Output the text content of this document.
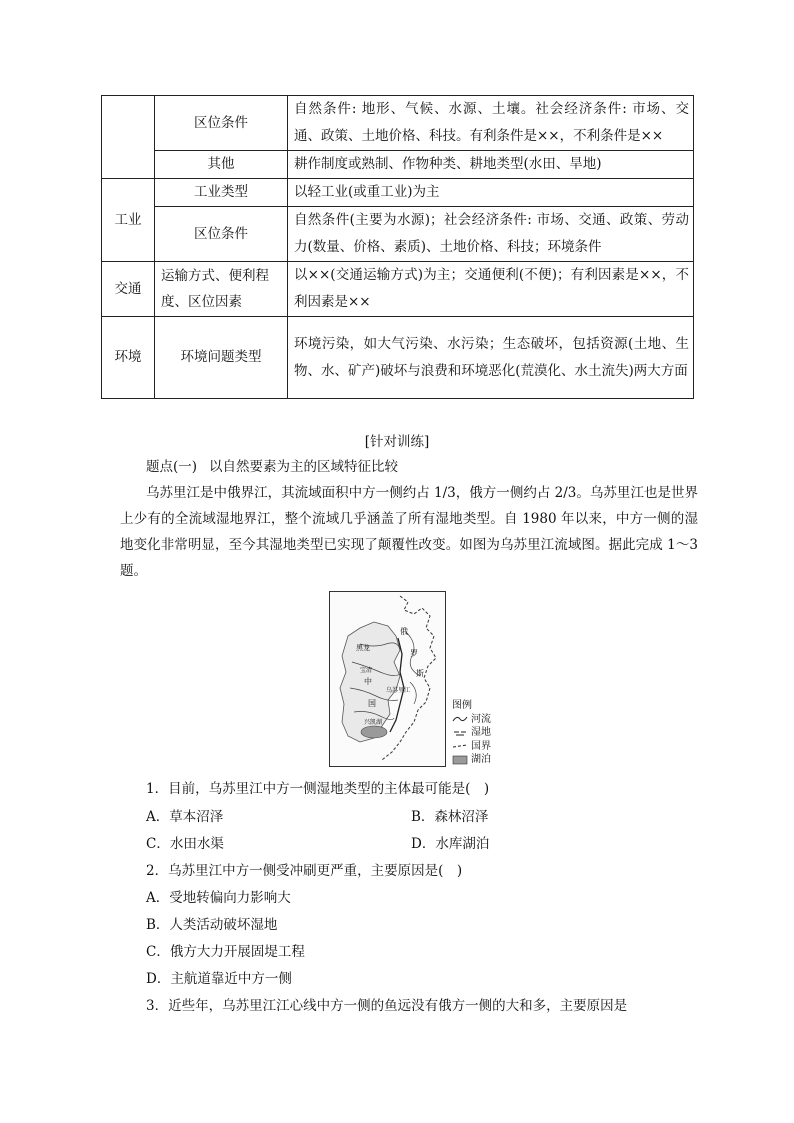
	区位条件	自然条件: 地形、气候、水源、土壤。社会经济条件: 市场、交通、政策、土地价格、科技。有利条件是××，不利条件是××
	其他	耕作制度或熟制、作物种类、耕地类型(水田、旱地)
工业	工业类型	以轻工业(或重工业)为主
	区位条件	自然条件(主要为水源)；社会经济条件: 市场、交通、政策、劳动力(数量、价格、素质)、土地价格、科技；环境条件
交通	运输方式、便利程度、区位因素	以××(交通运输方式)为主；交通便利(不便)；有利因素是××，不利因素是××
环境	环境问题类型	环境污染，如大气污染、水污染；生态破坏，包括资源(土地、生物、水、矿产)破坏与浪费和环境恶化(荒漠化、水土流失)两大方面
[针对训练]
题点(一) 以自然要素为主的区域特征比较
乌苏里江是中俄界江，其流域面积中方一侧约占 1/3，俄方一侧约占 2/3。乌苏里江也是世界上少有的全流域湿地界江，整个流域几乎涵盖了所有湿地类型。自 1980 年以来，中方一侧的湿地变化非常明显，至今其湿地类型已实现了颠覆性改变。如图为乌苏里江流域图。据此完成 1～3 题。
黑龙
俄
罗
斯
中
国
宝清
乌苏里江
兴凯湖
图例
河流
湿地
国界
湖泊
1．目前，乌苏里江中方一侧湿地类型的主体最可能是(　)
A．草本沼泽	B．森林沼泽
C．水田水渠	D．水库湖泊
2．乌苏里江中方一侧受冲刷更严重，主要原因是(　)
A．受地转偏向力影响大
B．人类活动破坏湿地
C．俄方大力开展固堤工程
D．主航道靠近中方一侧
3．近些年，乌苏里江江心线中方一侧的鱼远没有俄方一侧的大和多，主要原因是
